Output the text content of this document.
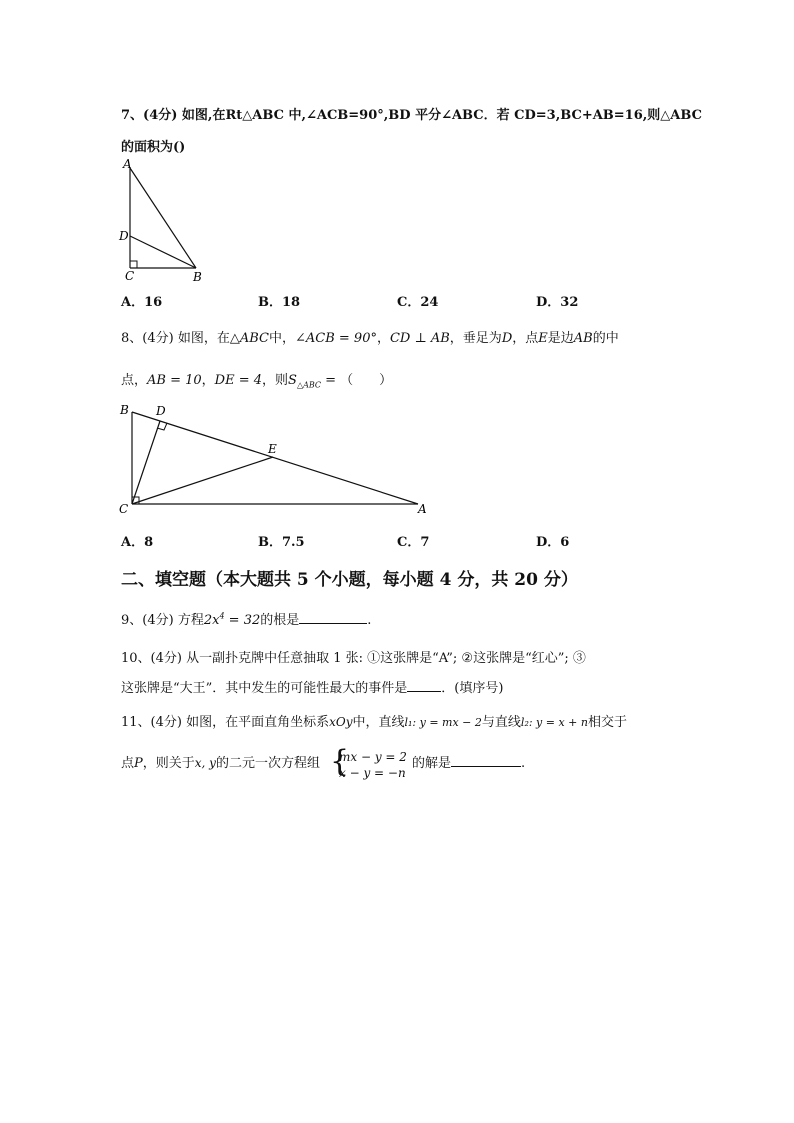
7、(4分) 如图,在Rt△ABC 中,∠ACB=90°,BD 平分∠ABC．若 CD=3,BC+AB=16,则△ABC
的面积为()
A
D
C	B
A．16	B．18	C．24	D．32
8、(4分) 如图，在△ABC中，∠ACB = 90°，CD ⊥ AB，垂足为D，点E是边AB的中
点，AB = 10，DE = 4，则$S_{\triangle ABC}$ = （　　）
B D
E
C	A
A．8	B．7.5	C．7	D．6
二、填空题（本大题共 5 个小题，每小题 4 分，共 20 分）
9、(4分) 方程$2x^4 = 32$的根是	.
10、(4分) 从一副扑克牌中任意抽取 1 张: ①这张牌是“A”; ②这张牌是“红心”; ③
这张牌是“大王”．其中发生的可能性最大的事件是	．(填序号)
11、(4分) 如图，在平面直角坐标系xOy中，直线l₁: y = mx − 2与直线l₂: y = x + n相交于
点P，则关于x, y的二元一次方程组 {
mx − y = 2
x − y = −n
的解是	.
